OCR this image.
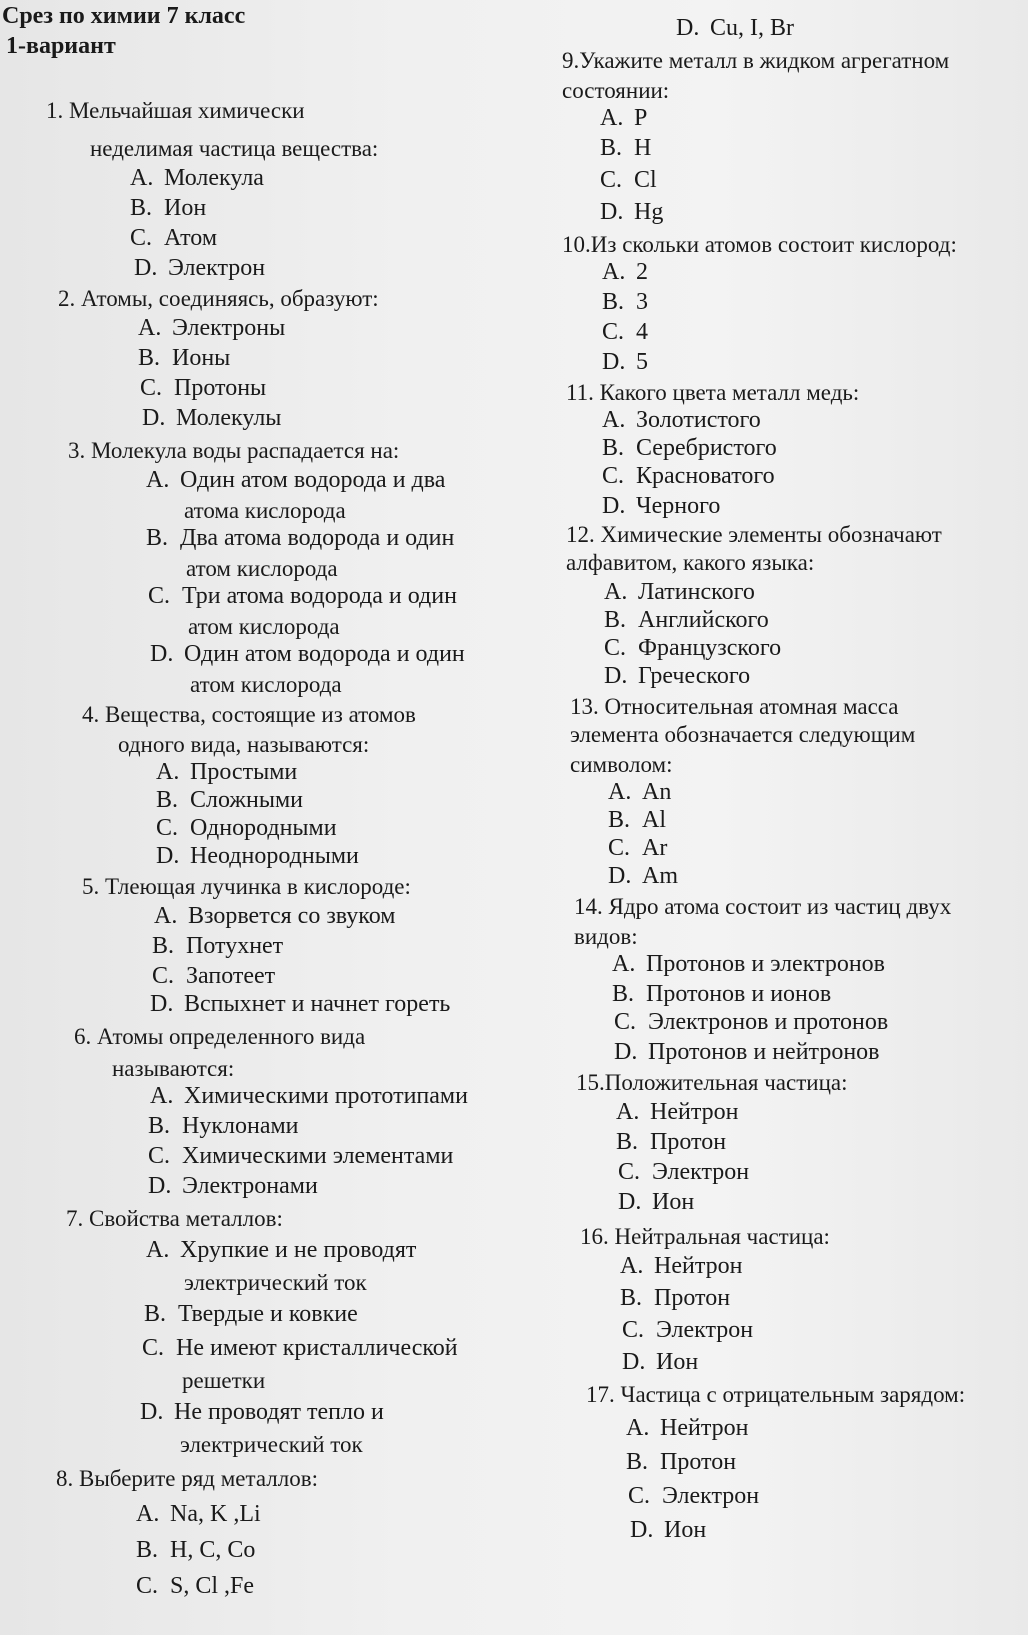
Срез по химии 7 класс
1-вариант
1. Мельчайшая химически
неделимая частица вещества:
A. Молекула
B. Ион
C. Атом
D. Электрон
2. Атомы, соединяясь, образуют:
A. Электроны
B. Ионы
C. Протоны
D. Молекулы
3. Молекула воды распадается на:
A. Один атом водорода и два
атома кислорода
B. Два атома водорода и один
атом кислорода
C. Три атома водорода и один
атом кислорода
D. Один атом водорода и один
атом кислорода
4. Вещества, состоящие из атомов
одного вида, называются:
A. Простыми
B. Сложными
C. Однородными
D. Неоднородными
5. Тлеющая лучинка в кислороде:
A. Взорвется со звуком
B. Потухнет
C. Запотеет
D. Вспыхнет и начнет гореть
6. Атомы определенного вида
называются:
A. Химическими прототипами
B. Нуклонами
C. Химическими элементами
D. Электронами
7. Свойства металлов:
A. Хрупкие и не проводят
электрический ток
B. Твердые и ковкие
C. Не имеют кристаллической
решетки
D. Не проводят тепло и
электрический ток
8. Выберите ряд металлов:
A. Na, K ,Li
B. H, C, Co
C. S, Cl ,Fe
D. Cu, I, Br
9.Укажите металл в жидком агрегатном
состоянии:
A. P
B. H
C. Cl
D. Hg
10.Из скольки атомов состоит кислород:
A. 2
B. 3
C. 4
D. 5
11. Какого цвета металл медь:
A. Золотистого
B. Серебристого
C. Красноватого
D. Черного
12. Химические элементы обозначают
алфавитом, какого языка:
A. Латинского
B. Английского
C. Французского
D. Греческого
13. Относительная атомная масса
элемента обозначается следующим
символом:
A. An
B. Al
C. Ar
D. Am
14. Ядро атома состоит из частиц двух
видов:
A. Протонов и электронов
B. Протонов и ионов
C. Электронов и протонов
D. Протонов и нейтронов
15.Положительная частица:
A. Нейтрон
B. Протон
C. Электрон
D. Ион
16. Нейтральная частица:
A. Нейтрон
B. Протон
C. Электрон
D. Ион
17. Частица с отрицательным зарядом:
A. Нейтрон
B. Протон
C. Электрон
D. Ион
